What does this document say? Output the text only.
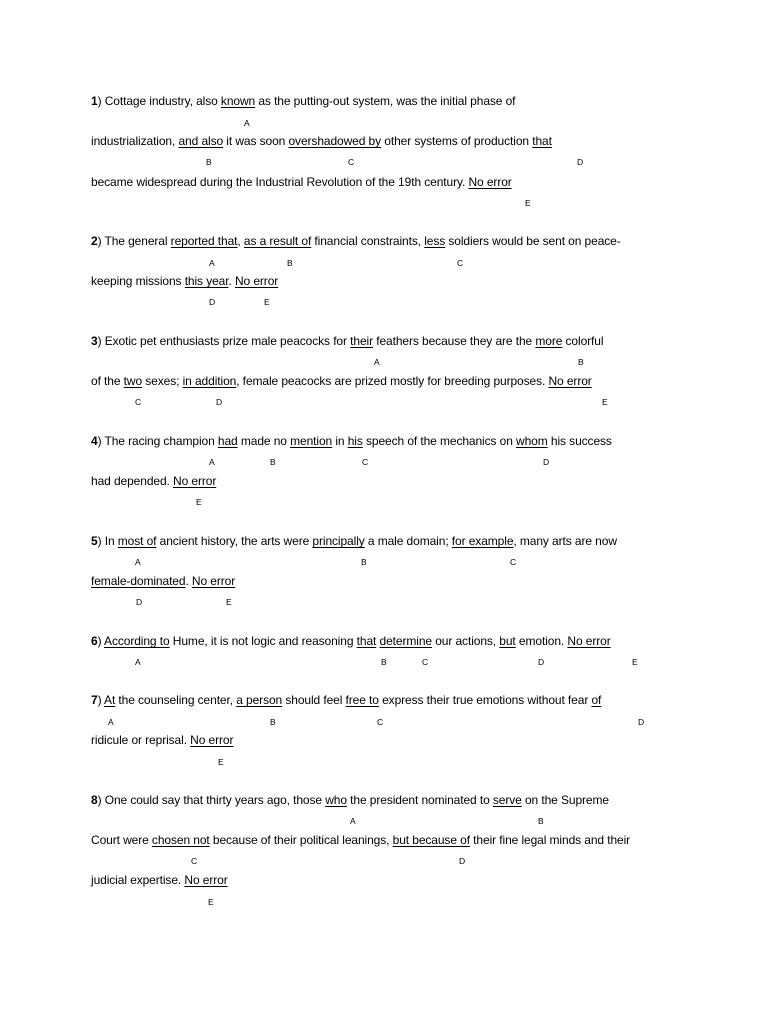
1) Cottage industry, also known as the putting-out system, was the initial phase of
industrialization, and also it was soon overshadowed by other systems of production that
became widespread during the Industrial Revolution of the 19th century. No error
A
B	C	D
E
2) The general reported that, as a result of financial constraints, less soldiers would be sent on peace-
keeping missions this year. No error
A	B	C
D	E
3) Exotic pet enthusiasts prize male peacocks for their feathers because they are the more colorful
of the two sexes; in addition, female peacocks are prized mostly for breeding purposes. No error
A	B
C	D	E
4) The racing champion had made no mention in his speech of the mechanics on whom his success
had depended. No error
A	B	C	D
E
5) In most of ancient history, the arts were principally a male domain; for example, many arts are now
female-dominated. No error
A	B	C
D	E
6) According to Hume, it is not logic and reasoning that determine our actions, but emotion. No error
A	B	C	D	E
7) At the counseling center, a person should feel free to express their true emotions without fear of
ridicule or reprisal. No error
A	B	C	D
E
8) One could say that thirty years ago, those who the president nominated to serve on the Supreme
Court were chosen not because of their political leanings, but because of their fine legal minds and their
judicial expertise. No error
A	B
C	D
E
